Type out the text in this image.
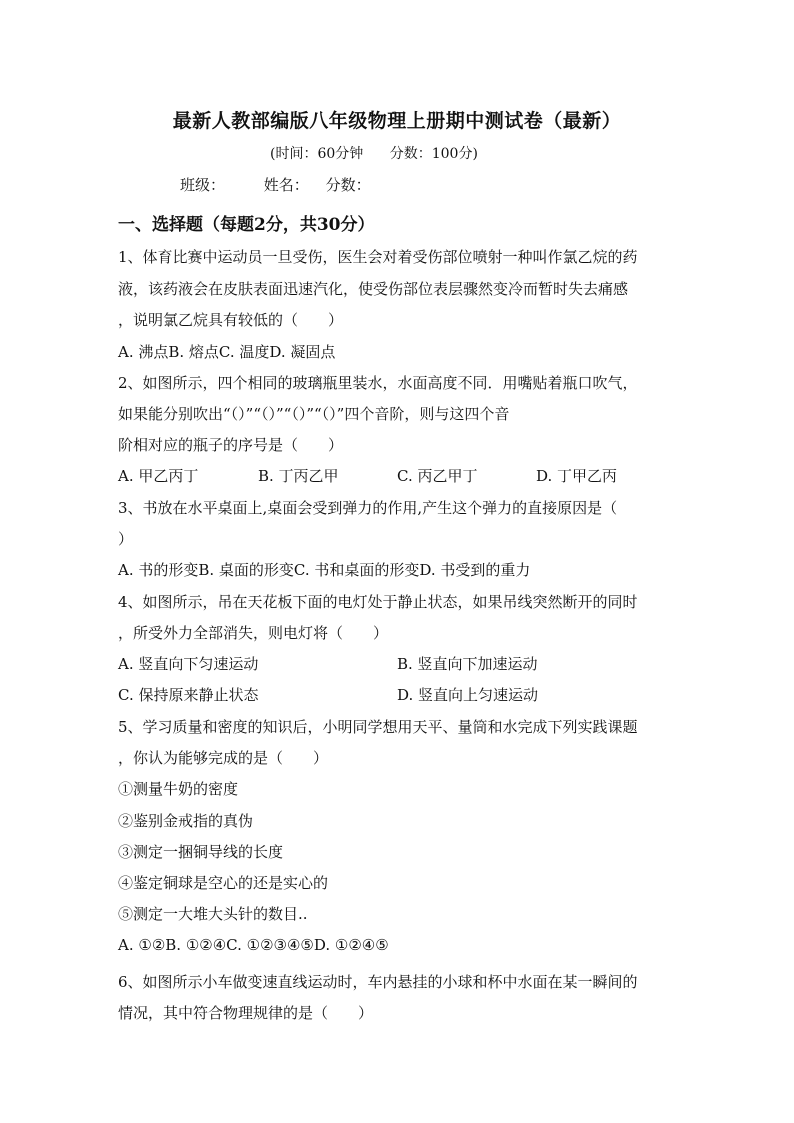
最新人教部编版八年级物理上册期中测试卷（最新）
(时间：60分钟 分数：100分)
班级：	姓名： 分数：
一、选择题（每题2分，共30分）
1、体育比赛中运动员一旦受伤，医生会对着受伤部位喷射一种叫作氯乙烷的药
液，该药液会在皮肤表面迅速汽化，使受伤部位表层骤然变冷而暂时失去痛感
，说明氯乙烷具有较低的（　　）
A. 沸点B. 熔点C. 温度D. 凝固点
2、如图所示，四个相同的玻璃瓶里装水，水面高度不同．用嘴贴着瓶口吹气，
如果能分别吹出“（）”“（）”“（）”“（）”四个音阶，则与这四个音
阶相对应的瓶子的序号是（　　）
A. 甲乙丙丁	B. 丁丙乙甲	C. 丙乙甲丁	D. 丁甲乙丙
3、书放在水平桌面上,桌面会受到弹力的作用,产生这个弹力的直接原因是（
）
A. 书的形变B. 桌面的形变C. 书和桌面的形变D. 书受到的重力
4、如图所示，吊在天花板下面的电灯处于静止状态，如果吊线突然断开的同时
，所受外力全部消失，则电灯将（　　）
A. 竖直向下匀速运动	B. 竖直向下加速运动
C. 保持原来静止状态	D. 竖直向上匀速运动
5、学习质量和密度的知识后，小明同学想用天平、量筒和水完成下列实践课题
，你认为能够完成的是（　　）
①测量牛奶的密度
②鉴别金戒指的真伪
③测定一捆铜导线的长度
④鉴定铜球是空心的还是实心的
⑤测定一大堆大头针的数目..
A. ①②B. ①②④C. ①②③④⑤D. ①②④⑤
6、如图所示小车做变速直线运动时，车内悬挂的小球和杯中水面在某一瞬间的
情况，其中符合物理规律的是（　　）
